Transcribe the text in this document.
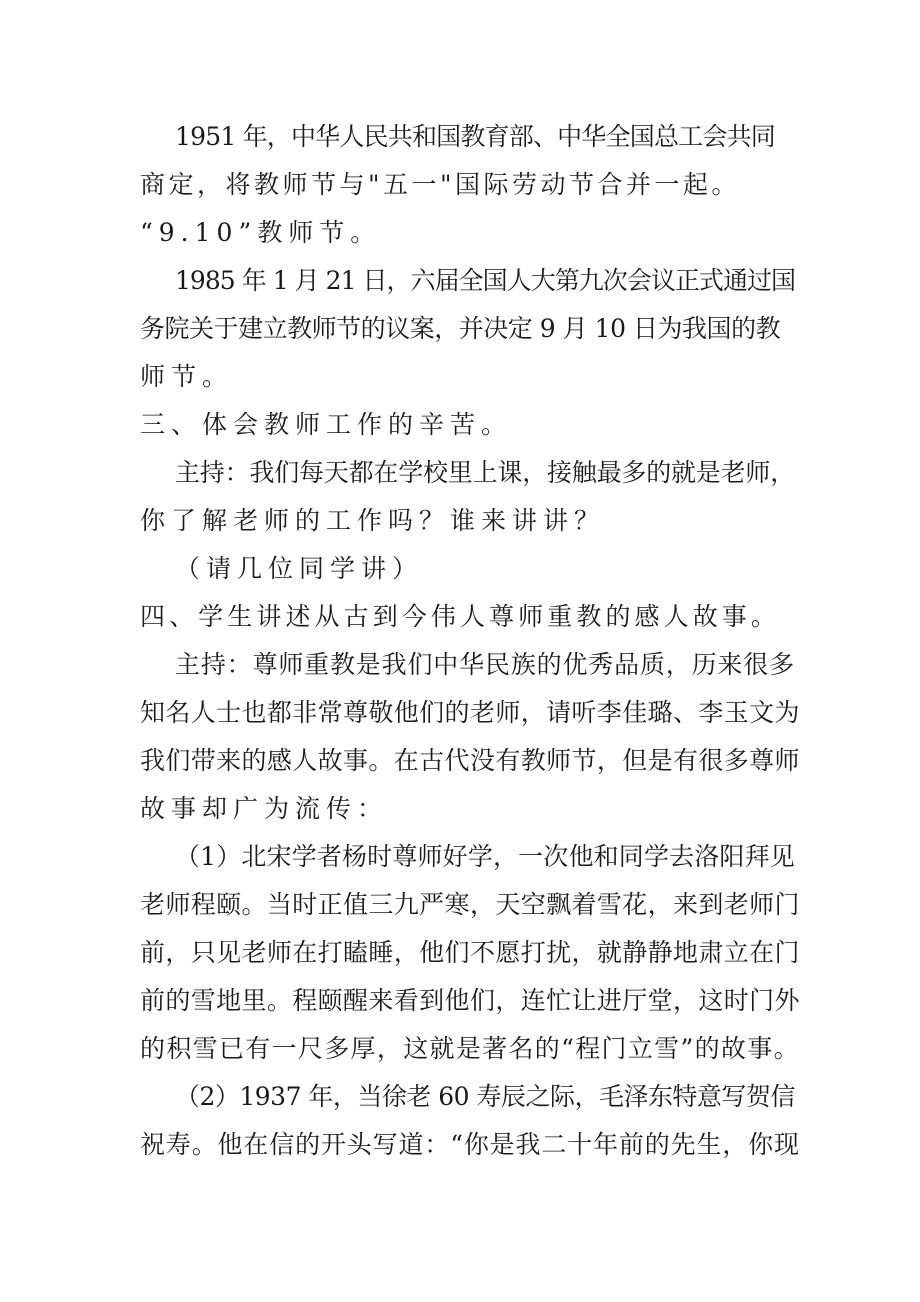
1951 年，中华人民共和国教育部、中华全国总工会共同

商定，将教师节与"五一"国际劳动节合并一起。

“9.10”教师节。

1985 年 1 月 21 日，六届全国人大第九次会议正式通过国

务院关于建立教师节的议案，并决定 9 月 10 日为我国的教

师节。

三、体会教师工作的辛苦。

主持：我们每天都在学校里上课，接触最多的就是老师，

你了解老师的工作吗？谁来讲讲？

（请几位同学讲）

四、学生讲述从古到今伟人尊师重教的感人故事。

主持：尊师重教是我们中华民族的优秀品质，历来很多

知名人士也都非常尊敬他们的老师，请听李佳璐、李玉文为

我们带来的感人故事。在古代没有教师节，但是有很多尊师

故事却广为流传：

（1）北宋学者杨时尊师好学，一次他和同学去洛阳拜见

老师程颐。当时正值三九严寒，天空飘着雪花，来到老师门

前，只见老师在打瞌睡，他们不愿打扰，就静静地肃立在门

前的雪地里。程颐醒来看到他们，连忙让进厅堂，这时门外

的积雪已有一尺多厚，这就是著名的“程门立雪”的故事。

（2）1937 年，当徐老 60 寿辰之际，毛泽东特意写贺信

祝寿。他在信的开头写道：“你是我二十年前的先生，你现
